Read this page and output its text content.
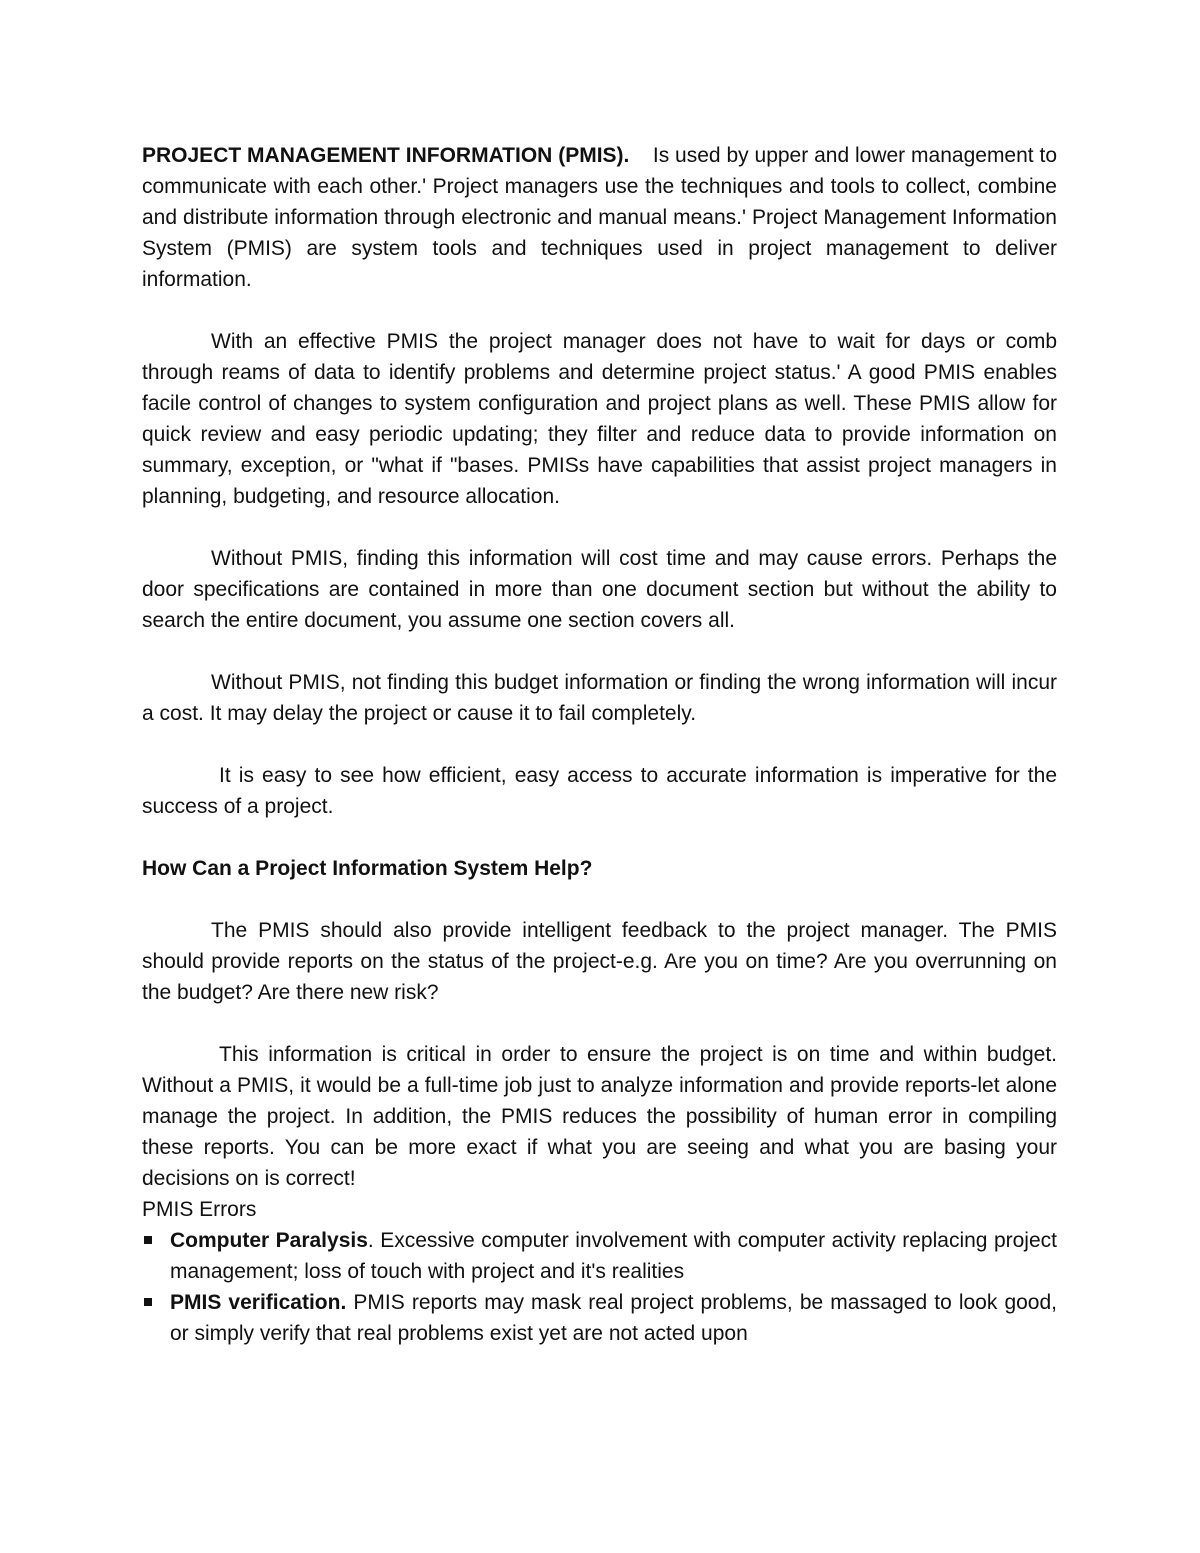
PROJECT MANAGEMENT INFORMATION (PMIS). Is used by upper and lower management to communicate with each other.' Project managers use the techniques and tools to collect, combine and distribute information through electronic and manual means.' Project Management Information System (PMIS) are system tools and techniques used in project management to deliver information.

With an effective PMIS the project manager does not have to wait for days or comb through reams of data to identify problems and determine project status.' A good PMIS enables facile control of changes to system configuration and project plans as well. These PMIS allow for quick review and easy periodic updating; they filter and reduce data to provide information on summary, exception, or "what if "bases. PMISs have capabilities that assist project managers in planning, budgeting, and resource allocation.

Without PMIS, finding this information will cost time and may cause errors. Perhaps the door specifications are contained in more than one document section but without the ability to search the entire document, you assume one section covers all.

Without PMIS, not finding this budget information or finding the wrong information will incur a cost. It may delay the project or cause it to fail completely.

It is easy to see how efficient, easy access to accurate information is imperative for the success of a project.

How Can a Project Information System Help?

The PMIS should also provide intelligent feedback to the project manager. The PMIS should provide reports on the status of the project-e.g. Are you on time? Are you overrunning on the budget? Are there new risk?

This information is critical in order to ensure the project is on time and within budget. Without a PMIS, it would be a full-time job just to analyze information and provide reports-let alone manage the project. In addition, the PMIS reduces the possibility of human error in compiling these reports. You can be more exact if what you are seeing and what you are basing your decisions on is correct!

PMIS Errors

Computer Paralysis. Excessive computer involvement with computer activity replacing project management; loss of touch with project and it's realities
PMIS verification. PMIS reports may mask real project problems, be massaged to look good, or simply verify that real problems exist yet are not acted upon
